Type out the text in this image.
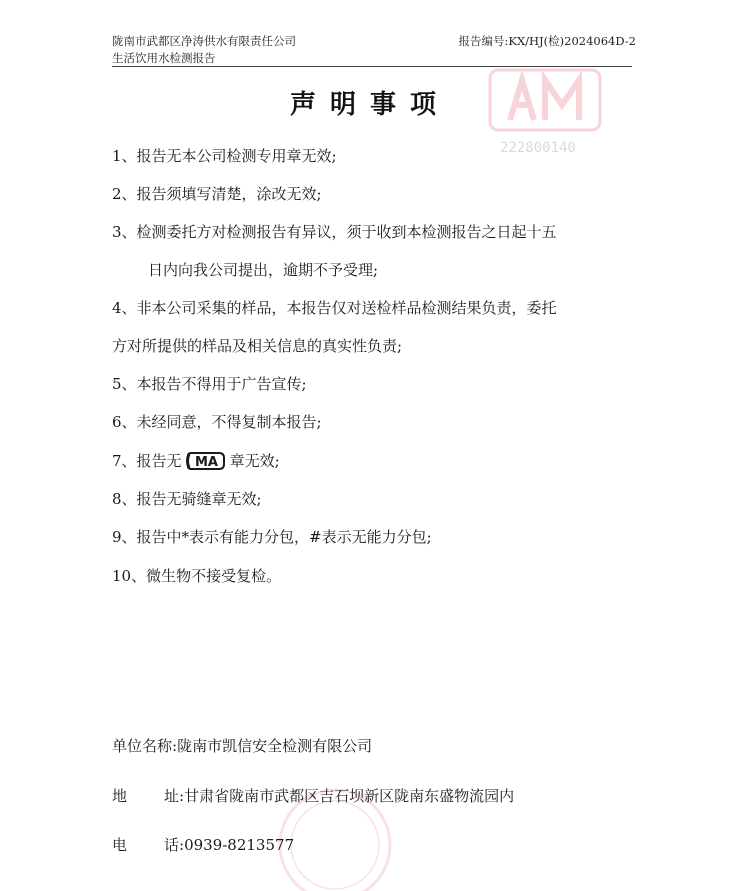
222800140
陇南市武都区净涛供水有限责任公司
生活饮用水检测报告
报告编号:KX/HJ(检)2024064D-2
声明事项
1、报告无本公司检测专用章无效;
2、报告须填写清楚，涂改无效;
3、检测委托方对检测报告有异议，须于收到本检测报告之日起十五
日内向我公司提出，逾期不予受理;
4、非本公司采集的样品，本报告仅对送检样品检测结果负责，委托
方对所提供的样品及相关信息的真实性负责;
5、本报告不得用于广告宣传;
6、未经同意，不得复制本报告;
7、报告无 MA 章无效;
8、报告无骑缝章无效;
9、报告中*表示有能力分包，#表示无能力分包;
10、微生物不接受复检。
单位名称:陇南市凯信安全检测有限公司
地 址:甘肃省陇南市武都区吉石坝新区陇南东盛物流园内
电 话:0939-8213577
